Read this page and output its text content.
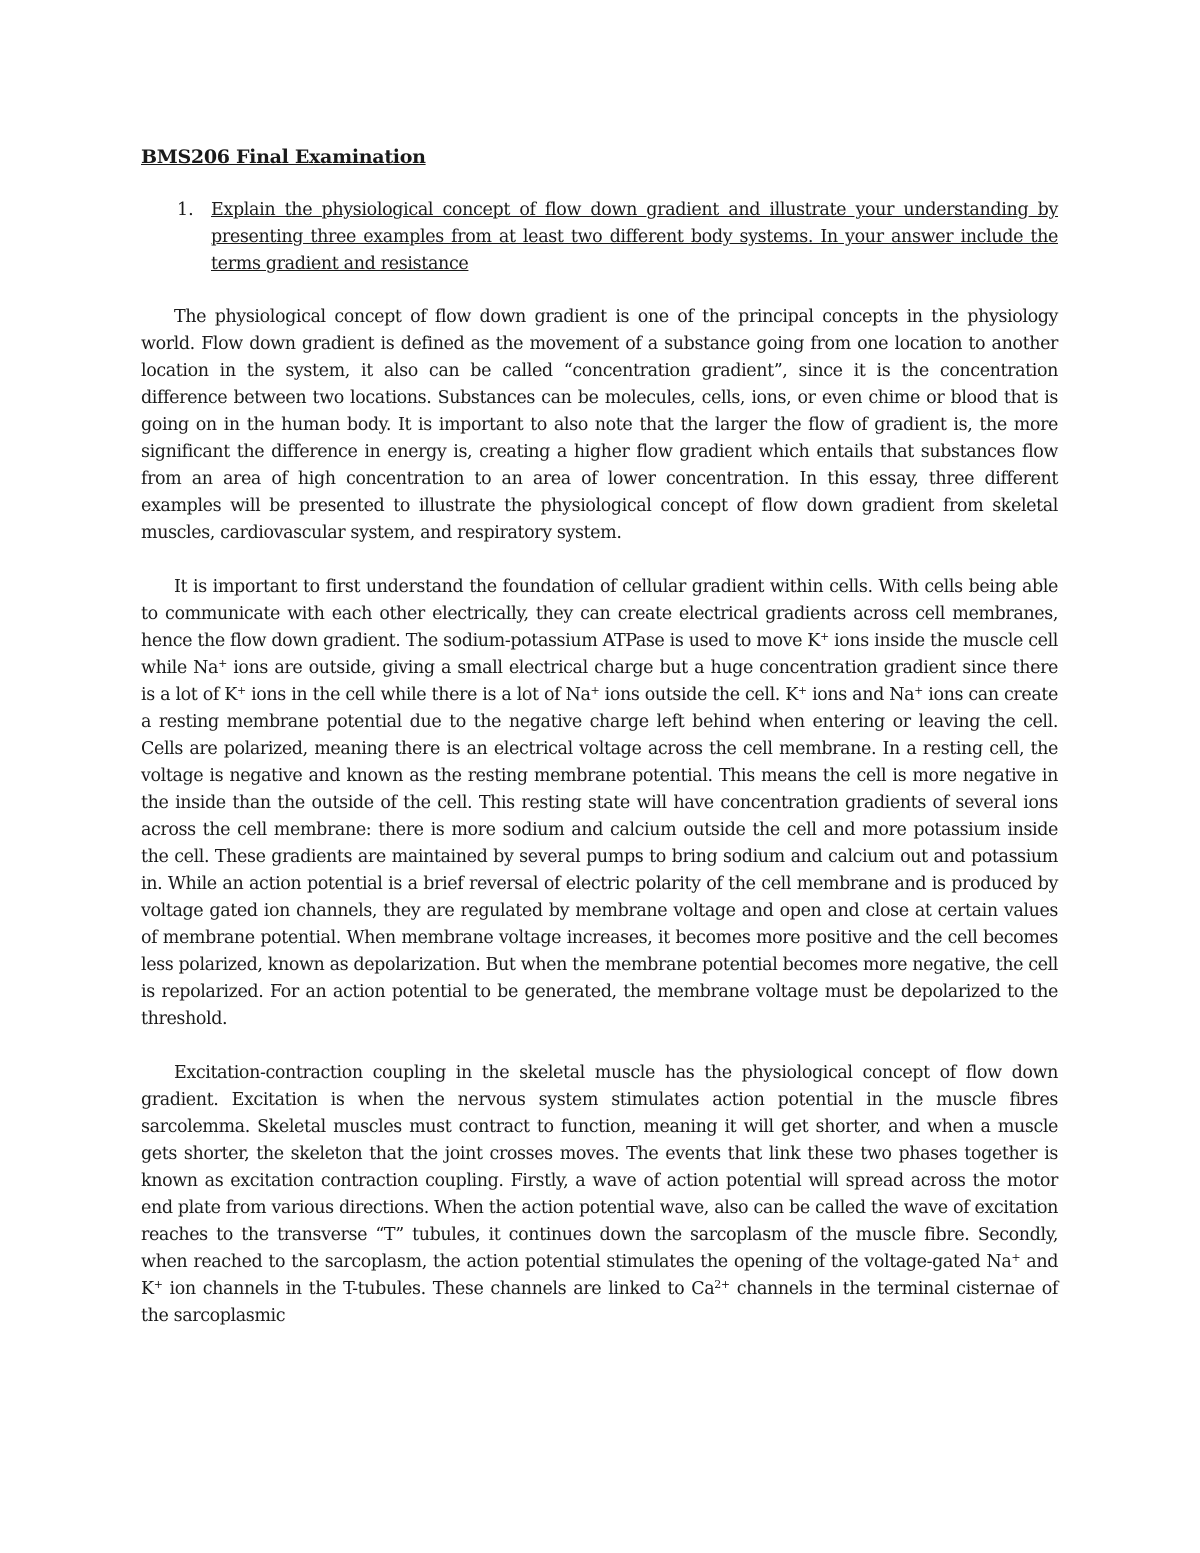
BMS206 Final Examination
1. Explain the physiological concept of flow down gradient and illustrate your understanding by presenting three examples from at least two different body systems. In your answer include the terms gradient and resistance

The physiological concept of flow down gradient is one of the principal concepts in the physiology world. Flow down gradient is defined as the movement of a substance going from one location to another location in the system, it also can be called “concentration gradient”, since it is the concentration difference between two locations. Substances can be molecules, cells, ions, or even chime or blood that is going on in the human body. It is important to also note that the larger the flow of gradient is, the more significant the difference in energy is, creating a higher flow gradient which entails that substances flow from an area of high concentration to an area of lower concentration. In this essay, three different examples will be presented to illustrate the physiological concept of flow down gradient from skeletal muscles, cardiovascular system, and respiratory system.

It is important to first understand the foundation of cellular gradient within cells. With cells being able to communicate with each other electrically, they can create electrical gradients across cell membranes, hence the flow down gradient. The sodium-potassium ATPase is used to move K+ ions inside the muscle cell while Na+ ions are outside, giving a small electrical charge but a huge concentration gradient since there is a lot of K+ ions in the cell while there is a lot of Na+ ions outside the cell. K+ ions and Na+ ions can create a resting membrane potential due to the negative charge left behind when entering or leaving the cell. Cells are polarized, meaning there is an electrical voltage across the cell membrane. In a resting cell, the voltage is negative and known as the resting membrane potential. This means the cell is more negative in the inside than the outside of the cell. This resting state will have concentration gradients of several ions across the cell membrane: there is more sodium and calcium outside the cell and more potassium inside the cell. These gradients are maintained by several pumps to bring sodium and calcium out and potassium in. While an action potential is a brief reversal of electric polarity of the cell membrane and is produced by voltage gated ion channels, they are regulated by membrane voltage and open and close at certain values of membrane potential. When membrane voltage increases, it becomes more positive and the cell becomes less polarized, known as depolarization. But when the membrane potential becomes more negative, the cell is repolarized. For an action potential to be generated, the membrane voltage must be depolarized to the threshold.

Excitation-contraction coupling in the skeletal muscle has the physiological concept of flow down gradient. Excitation is when the nervous system stimulates action potential in the muscle fibres sarcolemma. Skeletal muscles must contract to function, meaning it will get shorter, and when a muscle gets shorter, the skeleton that the joint crosses moves. The events that link these two phases together is known as excitation contraction coupling. Firstly, a wave of action potential will spread across the motor end plate from various directions. When the action potential wave, also can be called the wave of excitation reaches to the transverse “T” tubules, it continues down the sarcoplasm of the muscle fibre. Secondly, when reached to the sarcoplasm, the action potential stimulates the opening of the voltage-gated Na+ and K+ ion channels in the T-tubules. These channels are linked to $Ca^{2+}$ channels in the terminal cisternae of the sarcoplasmic
